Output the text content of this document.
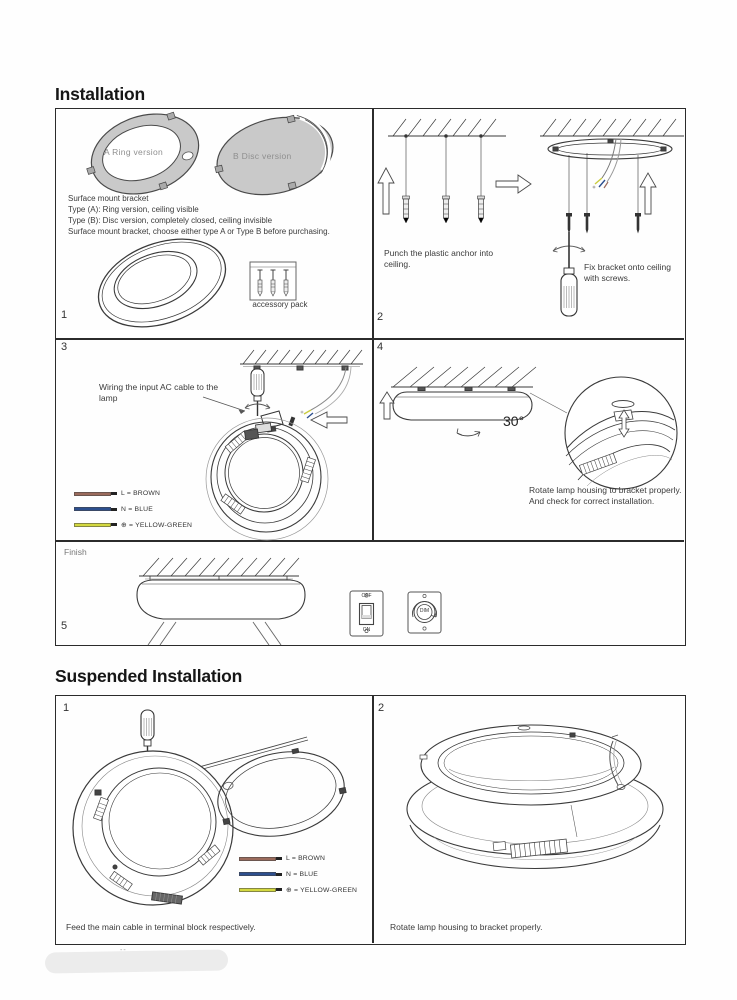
Installation
Suspended Installation
A Ring version	B Disc version
Surface mount bracket
Type (A): Ring version, ceiling visible
Type (B): Disc version, completely closed, ceiling invisible
Surface mount bracket, choose either type A or Type B before purchasing.
accessory pack
1
Punch the plastic anchor into ceiling.	Fix bracket onto ceiling with screws.
2
3
Wiring the input AC cable to the lamp
L = BROWN
N = BLUE
⊕ = YELLOW-GREEN
4
30°
Rotate lamp housing to bracket properly. And check for correct installation.
Finish
OFF
ON
DIM
5
1	2
L = BROWN
N = BLUE
⊕ = YELLOW-GREEN
Feed the main cable in terminal block respectively.	Rotate lamp housing to bracket properly.
--
